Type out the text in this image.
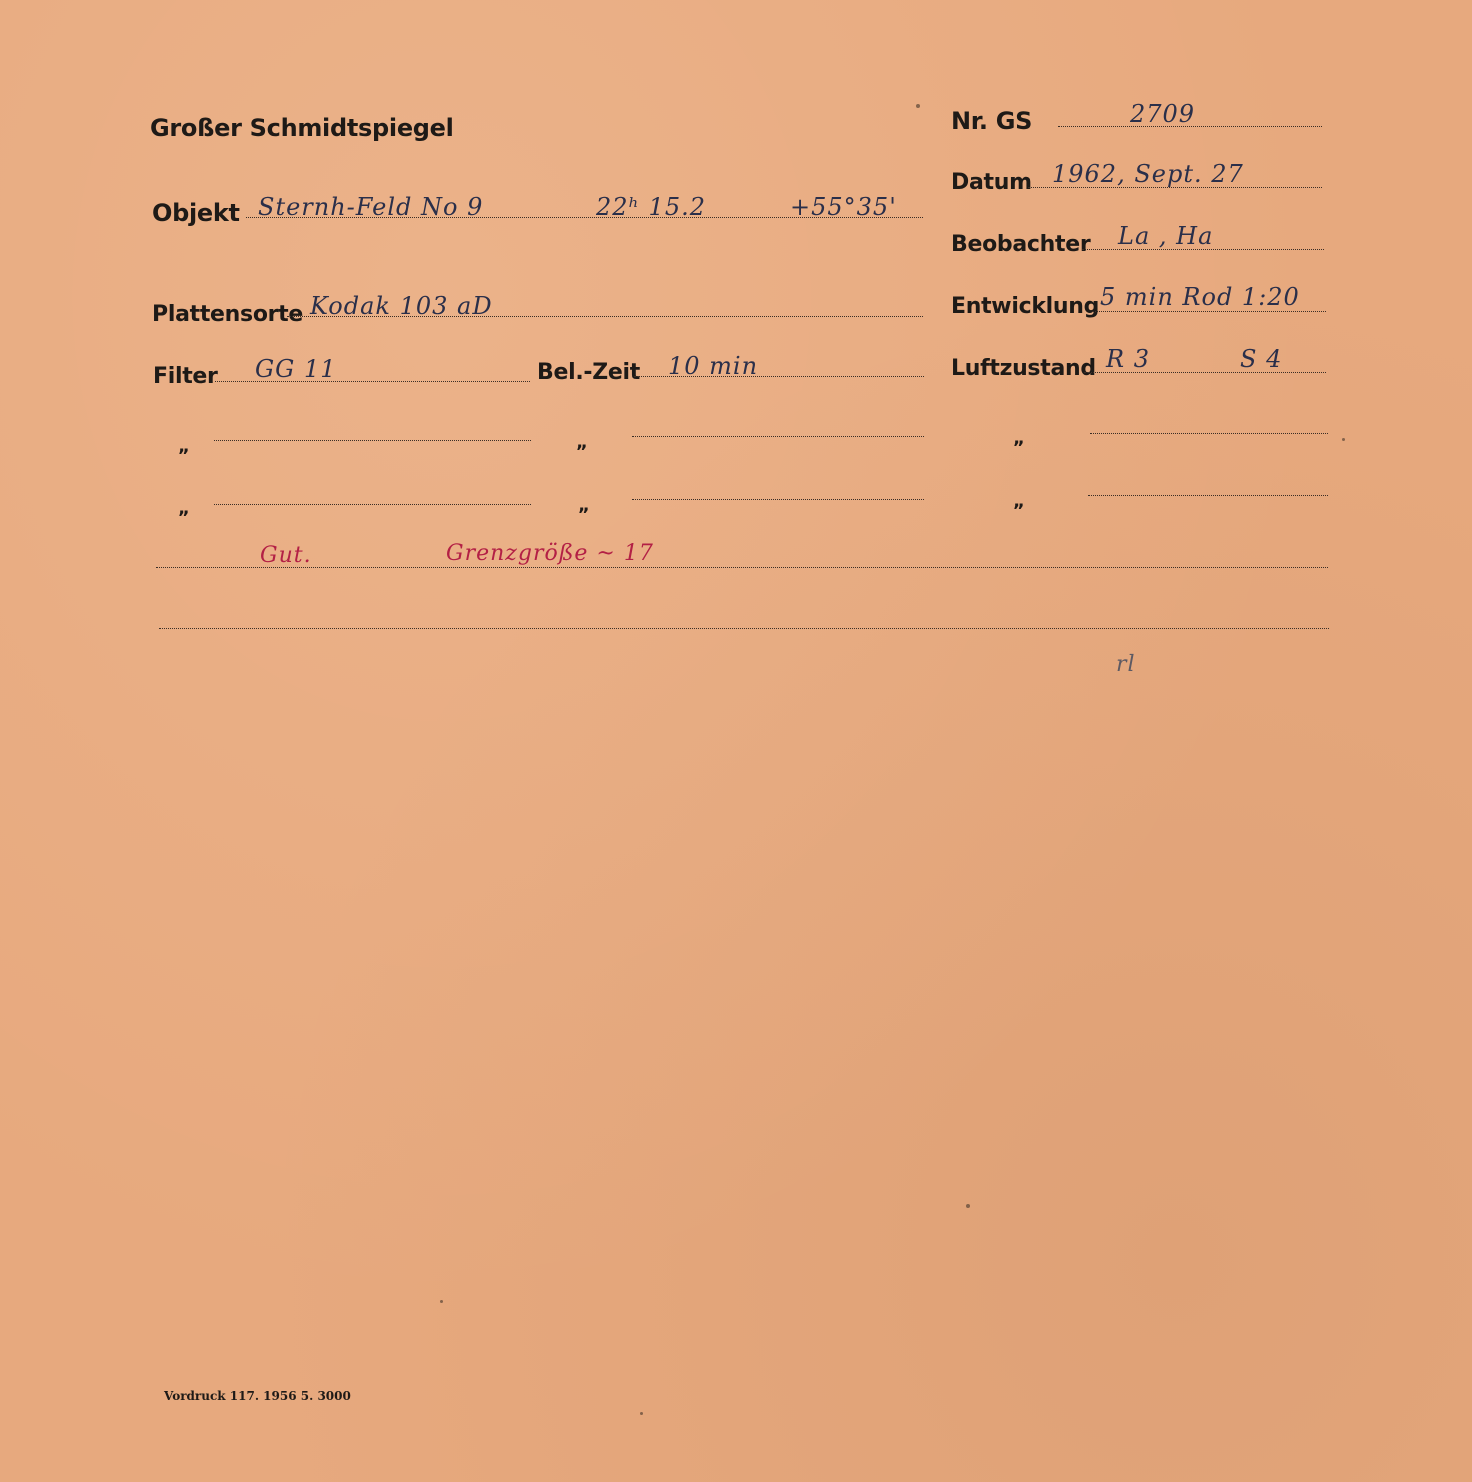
Großer Schmidtspiegel	Nr. GS	2709
Datum 1962, Sept. 27
Objekt Sternh-Feld No 9	22ʰ 15.2	+55°35'
Beobachter La , Ha
Plattensorte Kodak 103 aD	Entwicklung 5 min Rod 1:20
Filter GG 11	Bel.-Zeit 10 min	Luftzustand R 3	S 4
„	„	„
„	„	„
Gut.	Grenzgröße ~ 17
rl
Vordruck 117. 1956 5. 3000
